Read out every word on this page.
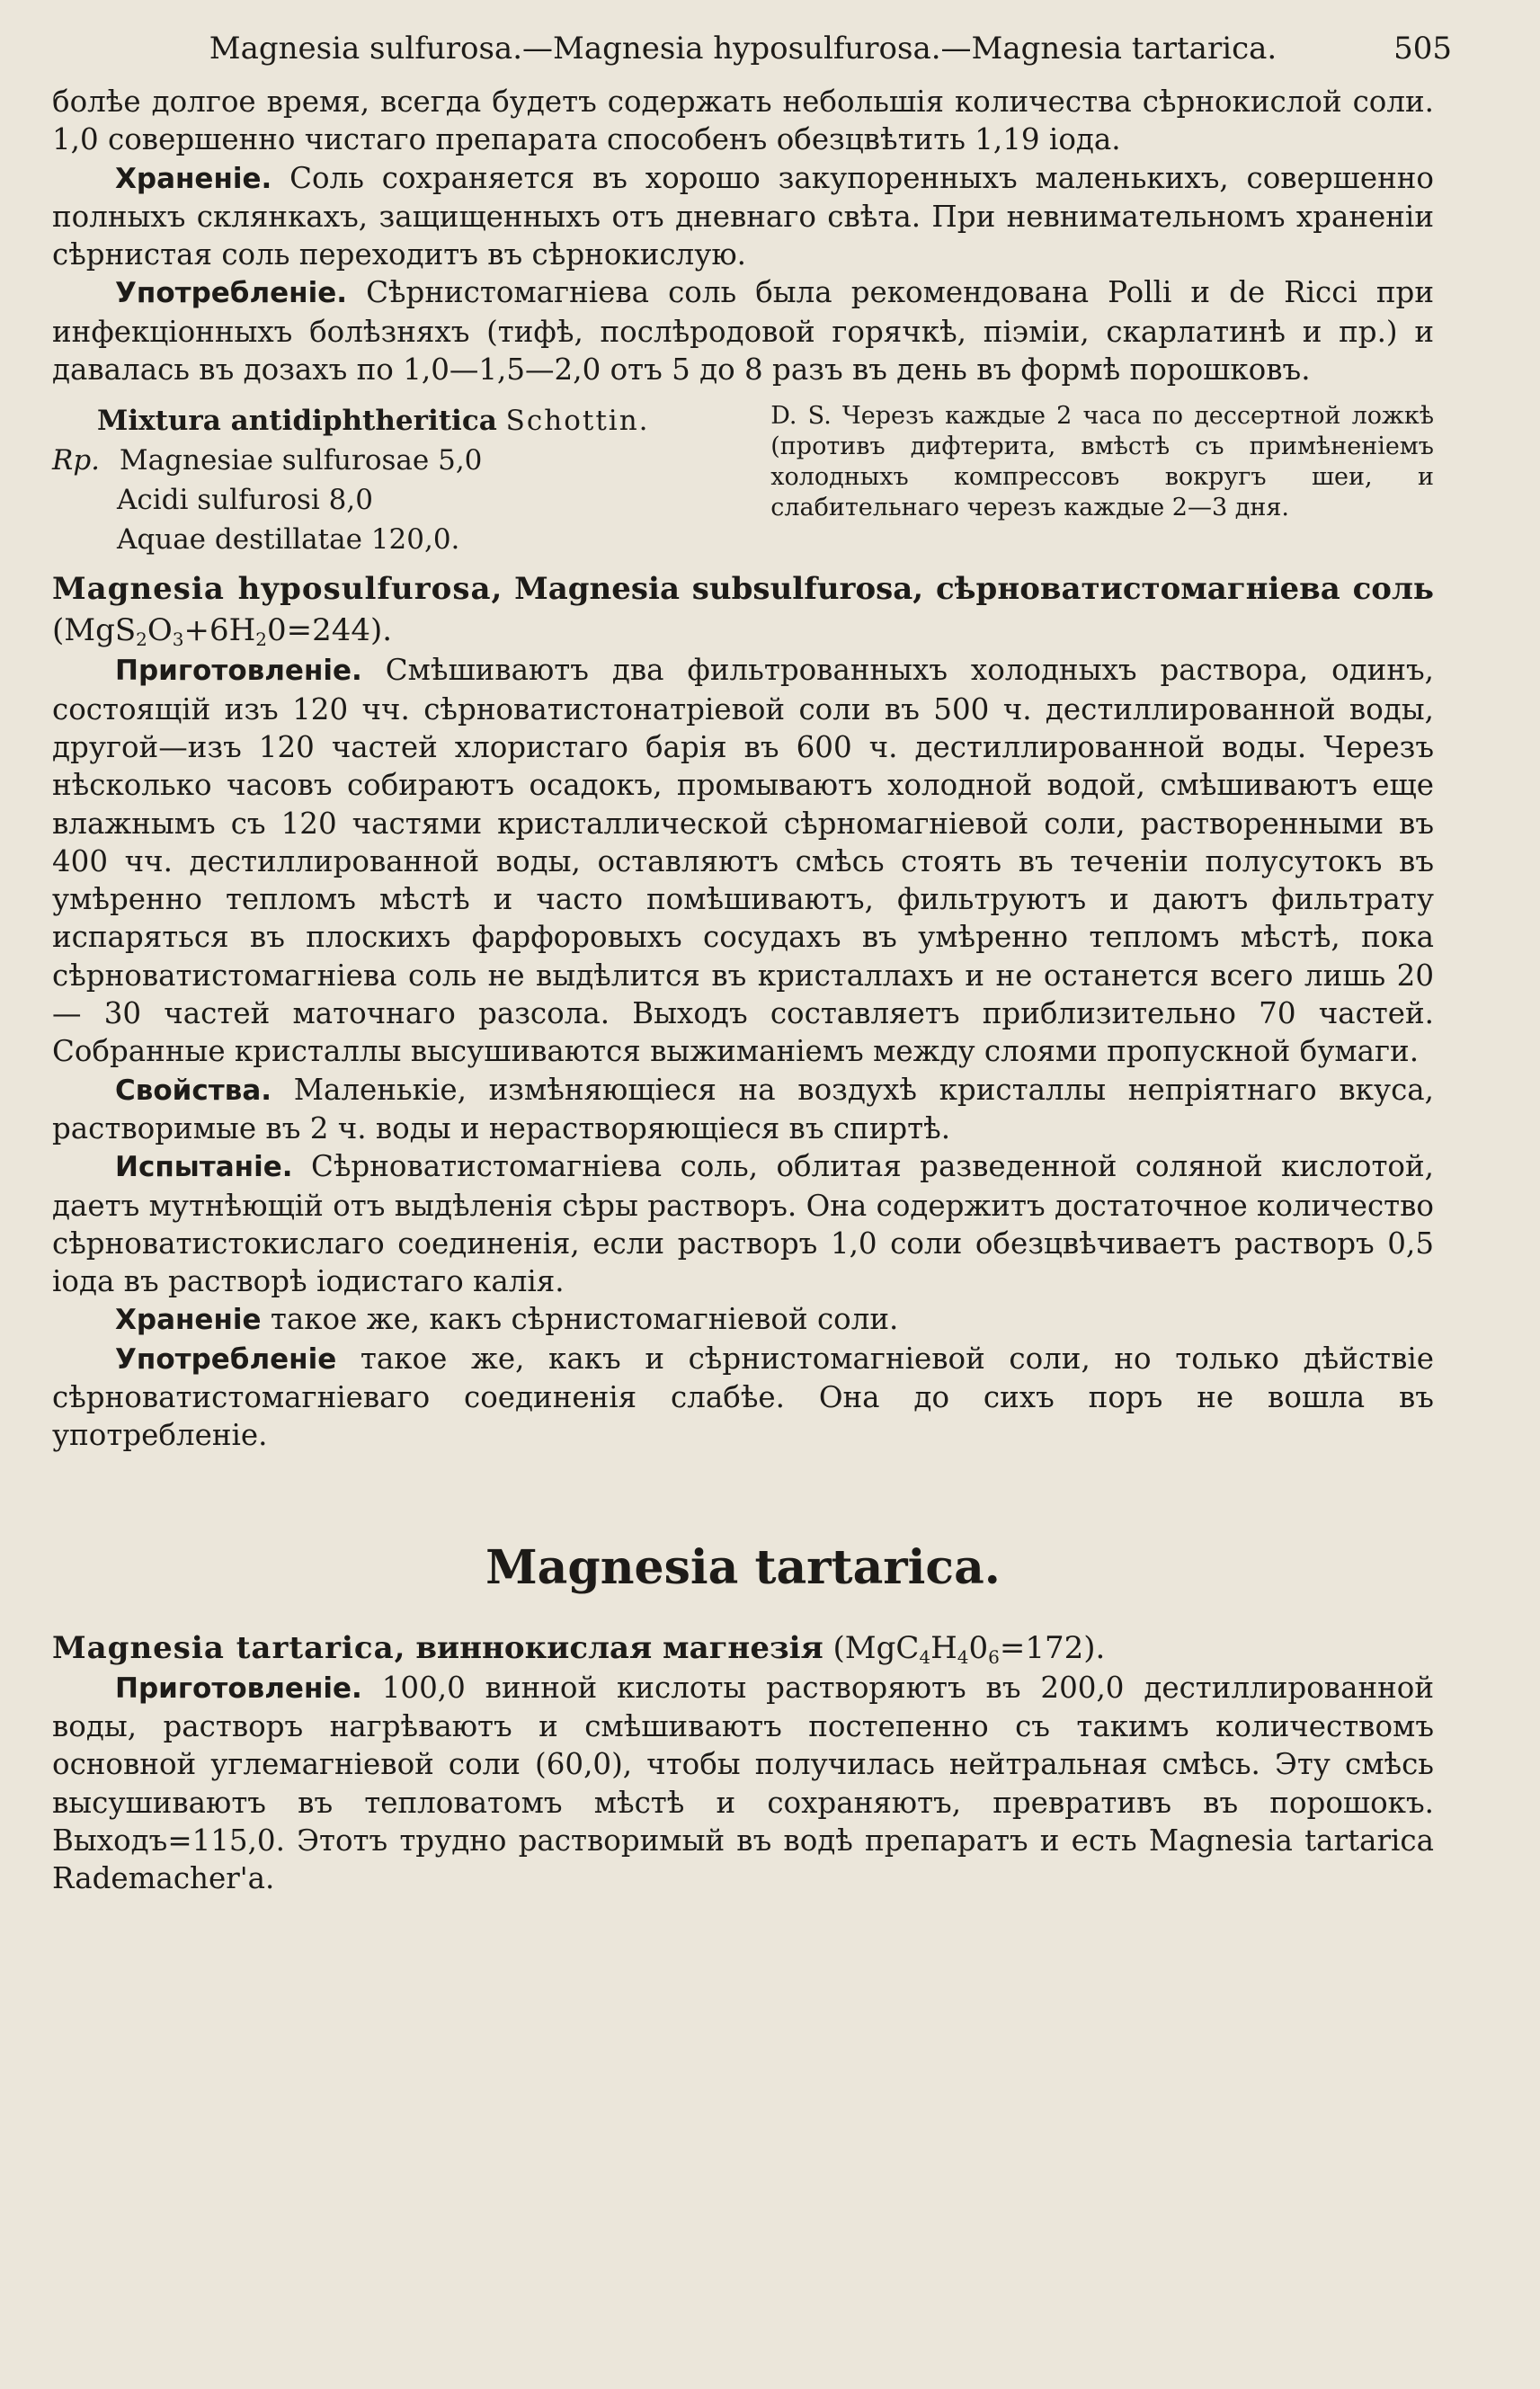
Magnesia sulfurosa.—Magnesia hyposulfurosa.—Magnesia tartarica.	505

болѣе долгое время, всегда будетъ содержать небольшія количества сѣрнокислой соли. 1,0 совершенно чистаго препарата способенъ обезцвѣтить 1,19 іода.

Храненіе. Соль сохраняется въ хорошо закупоренныхъ маленькихъ, совершенно полныхъ склянкахъ, защищенныхъ отъ дневнаго свѣта. При невнимательномъ храненіи сѣрнистая соль переходитъ въ сѣрнокислую.

Употребленіе. Сѣрнистомагніева соль была рекомендована Polli и de Ricci при инфекціонныхъ болѣзняхъ (тифѣ, послѣродовой горячкѣ, піэміи, скарлатинѣ и пр.) и давалась въ дозахъ по 1,0—1,5—2,0 отъ 5 до 8 разъ въ день въ формѣ порошковъ.

Mixtura antidiphtheritica Schottin.
Rp. Magnesiae sulfurosae 5,0
Acidi sulfurosi 8,0
Aquae destillatae 120,0.
D. S. Черезъ каждые 2 часа по дессертной ложкѣ (противъ дифтерита, вмѣстѣ съ примѣненіемъ холодныхъ компрессовъ вокругъ шеи, и слабительнаго черезъ каждые 2—3 дня.
Magnesia hyposulfurosa, Magnesia subsulfurosa, сѣрноватистомагніева соль $(MgS_2O_3+6H_20=244)$.

Приготовленіе. Смѣшиваютъ два фильтрованныхъ холодныхъ раствора, одинъ, состоящій изъ 120 чч. сѣрноватистонатріевой соли въ 500 ч. дестиллированной воды, другой—изъ 120 частей хлористаго барія въ 600 ч. дестиллированной воды. Черезъ нѣсколько часовъ собираютъ осадокъ, промываютъ холодной водой, смѣшиваютъ еще влажнымъ съ 120 частями кристаллической сѣрномагніевой соли, растворенными въ 400 чч. дестиллированной воды, оставляютъ смѣсь стоять въ теченіи полусутокъ въ умѣренно тепломъ мѣстѣ и часто помѣшиваютъ, фильтруютъ и даютъ фильтрату испаряться въ плоскихъ фарфоровыхъ сосудахъ въ умѣренно тепломъ мѣстѣ, пока сѣрноватистомагніева соль не выдѣлится въ кристаллахъ и не останется всего лишь 20 — 30 частей маточнаго разсола. Выходъ составляетъ приблизительно 70 частей. Собранные кристаллы высушиваются выжиманіемъ между слоями пропускной бумаги.

Свойства. Маленькіе, измѣняющіеся на воздухѣ кристаллы непріятнаго вкуса, растворимые въ 2 ч. воды и нерастворяющіеся въ спиртѣ.

Испытаніе. Сѣрноватистомагніева соль, облитая разведенной соляной кислотой, даетъ мутнѣющій отъ выдѣленія сѣры растворъ. Она содержитъ достаточное количество сѣрноватистокислаго соединенія, если растворъ 1,0 соли обезцвѣчиваетъ растворъ 0,5 іода въ растворѣ іодистаго калія.

Храненіе такое же, какъ сѣрнистомагніевой соли.

Употребленіе такое же, какъ и сѣрнистомагніевой соли, но только дѣйствіе сѣрноватистомагніеваго соединенія слабѣе. Она до сихъ поръ не вошла въ употребленіе.

Magnesia tartarica.
Magnesia tartarica, виннокислая магнезія $(MgC_4H_40_6=172)$.

Приготовленіе. 100,0 винной кислоты растворяютъ въ 200,0 дестиллированной воды, растворъ нагрѣваютъ и смѣшиваютъ постепенно съ такимъ количествомъ основной углемагніевой соли (60,0), чтобы получилась нейтральная смѣсь. Эту смѣсь высушиваютъ въ тепловатомъ мѣстѣ и сохраняютъ, превративъ въ порошокъ. Выходъ=115,0. Этотъ трудно растворимый въ водѣ препаратъ и есть Magnesia tartarica Rademacher'a.
